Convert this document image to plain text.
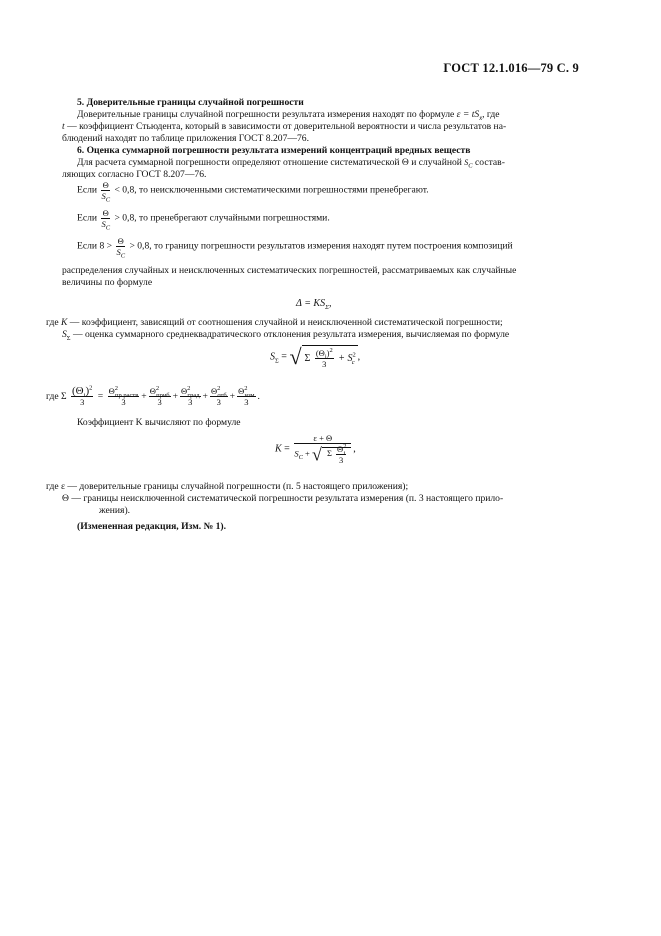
ГОСТ 12.1.016—79 С. 9
5. Доверительные границы случайной погрешности
Доверительные границы случайной погрешности результата измерения находят по формуле $\varepsilon = tS_{x̄}$, где
t — коэффициент Стьюдента, который в зависимости от доверительной вероятности и числа результатов на-
блюдений находят по таблице приложения ГОСТ 8.207—76.
6. Оценка суммарной погрешности результата измерений концентраций вредных веществ
Для расчета суммарной погрешности определяют отношение систематической Θ и случайной $S_C$ состав-
ляющих согласно ГОСТ 8.207—76.
Если $\frac{\Theta}{S_C} < 0,8$, то неисключенными систематическими погрешностями пренебрегают.
Если $\frac{\Theta}{S_C} > 0,8$, то пренебрегают случайными погрешностями.
Если $8 > \frac{\Theta}{S_C} > 0,8$, то границу погрешности результатов измерения находят путем построения композиций
распределения случайных и неисключенных систематических погрешностей, рассматриваемых как случайные
величины по формуле
$\Delta = KS_\Sigma$,
где K — коэффициент, зависящий от соотношения случайной и неисключенной систематической погрешности;
$S_\Sigma$ — оценка суммарного среднеквадратического отклонения результата измерения, вычисляемая по формуле
$S_\Sigma$ = √ Σ $\frac{(\Theta_i)^2}{3} + S^2_c$ ,
где Σ $\frac{(\Theta_i)^2}{3} = \frac{\Theta^2_{пр.раств}}{3} + \frac{\Theta^2_{приб}}{3} + \frac{\Theta^2_{град}}{3} + \frac{\Theta^2_{отб}}{3} + \frac{\Theta^2_{изм}}{3}$ .
Коэффициент K вычисляют по формуле
K =
ε + Θ
$S_C$ + √ Σ $\frac{\Theta^2_i}{3}$ ,
где ε — доверительные границы случайной погрешности (п. 5 настоящего приложения);
Θ — границы неисключенной систематической погрешности результата измерения (п. 3 настоящего прило-
жения).
(Измененная редакция, Изм. № 1).
